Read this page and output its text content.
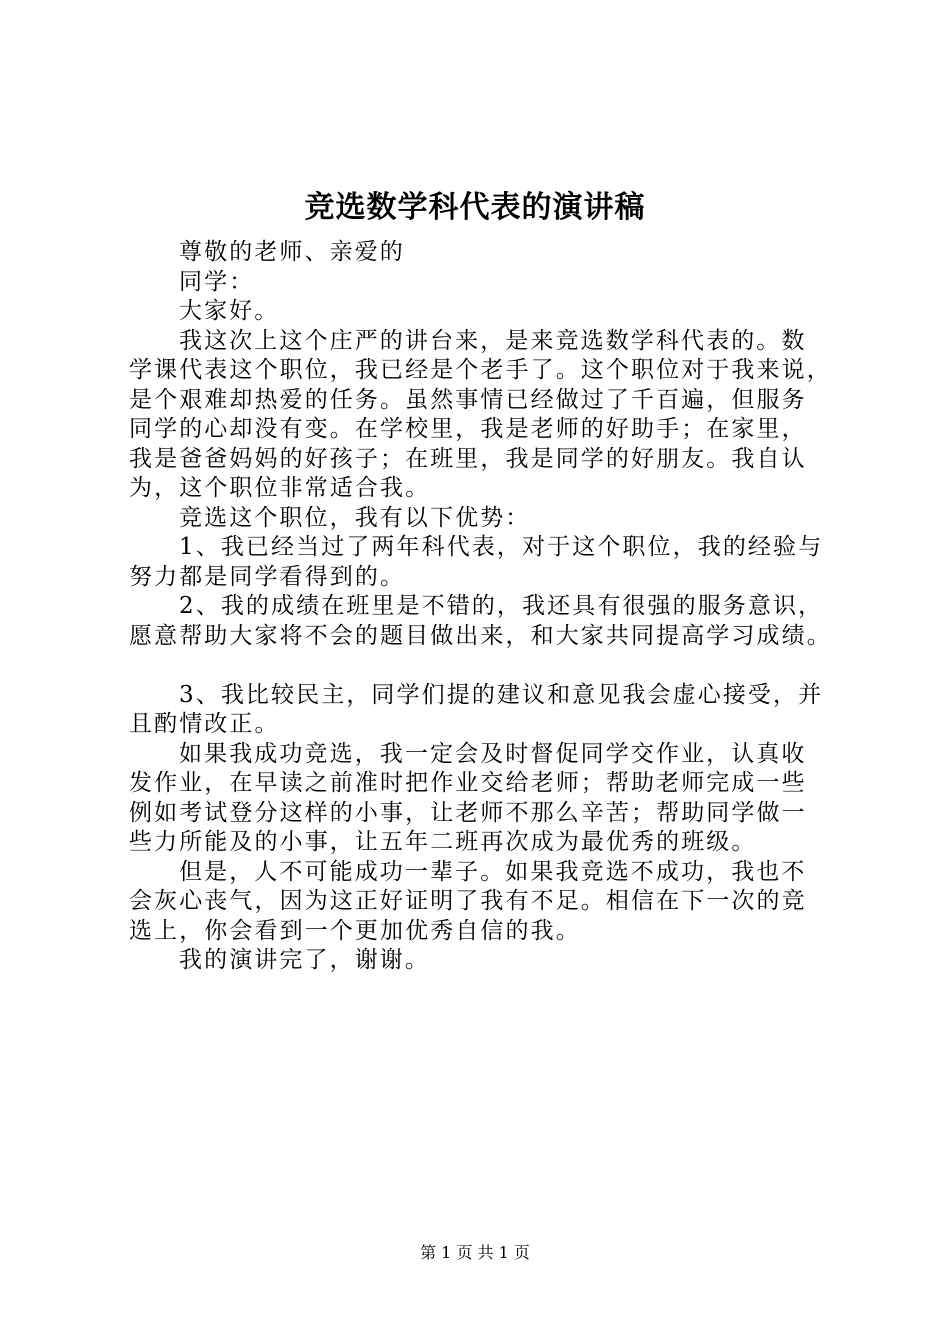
竞选数学科代表的演讲稿
尊敬的老师、亲爱的
同学：
大家好。
我这次上这个庄严的讲台来，是来竞选数学科代表的。数
学课代表这个职位，我已经是个老手了。这个职位对于我来说，
是个艰难却热爱的任务。虽然事情已经做过了千百遍，但服务
同学的心却没有变。在学校里，我是老师的好助手；在家里，
我是爸爸妈妈的好孩子；在班里，我是同学的好朋友。我自认
为，这个职位非常适合我。
竞选这个职位，我有以下优势：
1、我已经当过了两年科代表，对于这个职位，我的经验与
努力都是同学看得到的。
2、我的成绩在班里是不错的，我还具有很强的服务意识，
愿意帮助大家将不会的题目做出来，和大家共同提高学习成绩。
3、我比较民主，同学们提的建议和意见我会虚心接受，并
且酌情改正。
如果我成功竞选，我一定会及时督促同学交作业，认真收
发作业，在早读之前准时把作业交给老师；帮助老师完成一些
例如考试登分这样的小事，让老师不那么辛苦；帮助同学做一
些力所能及的小事，让五年二班再次成为最优秀的班级。
但是，人不可能成功一辈子。如果我竞选不成功，我也不
会灰心丧气，因为这正好证明了我有不足。相信在下一次的竞
选上，你会看到一个更加优秀自信的我。
我的演讲完了，谢谢。
第 1 页 共 1 页
